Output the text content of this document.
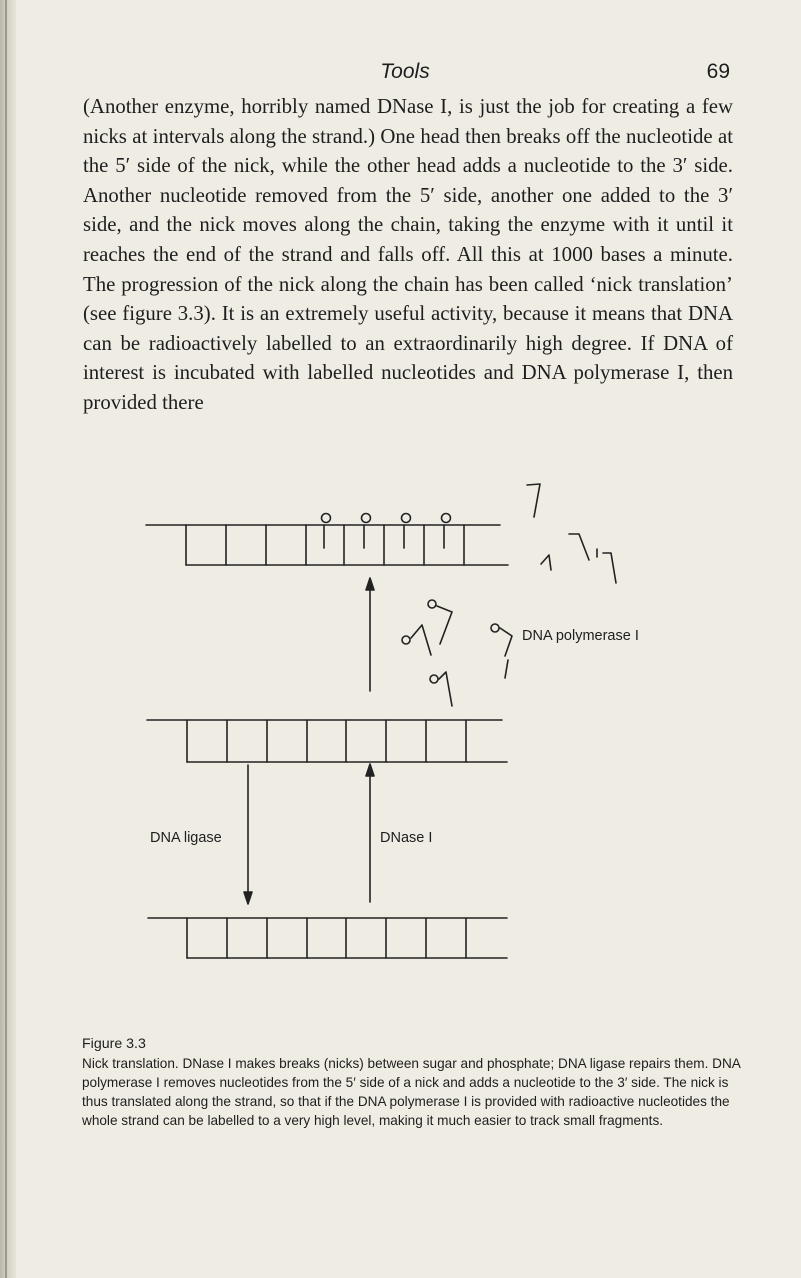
Tools	69

(Another enzyme, horribly named DNase I, is just the job for creating a few nicks at intervals along the strand.) One head then breaks off the nucleotide at the 5′ side of the nick, while the other head adds a nucleotide to the 3′ side. Another nucleotide removed from the 5′ side, another one added to the 3′ side, and the nick moves along the chain, taking the enzyme with it until it reaches the end of the strand and falls off. All this at 1000 bases a minute. The progression of the nick along the chain has been called ‘nick translation’ (see figure 3.3). It is an extremely useful activity, because it means that DNA can be radioactively labelled to an extraordinarily high degree. If DNA of interest is incubated with labelled nucleotides and DNA polymerase I, then provided there

DNA polymerase I
DNA ligase	DNase I
Figure 3.3
Nick translation. DNase I makes breaks (nicks) between sugar and phosphate; DNA ligase repairs them. DNA polymerase I removes nucleotides from the 5′ side of a nick and adds a nucleotide to the 3′ side. The nick is thus translated along the strand, so that if the DNA polymerase I is provided with radioactive nucleotides the whole strand can be labelled to a very high level, making it much easier to track small fragments.
